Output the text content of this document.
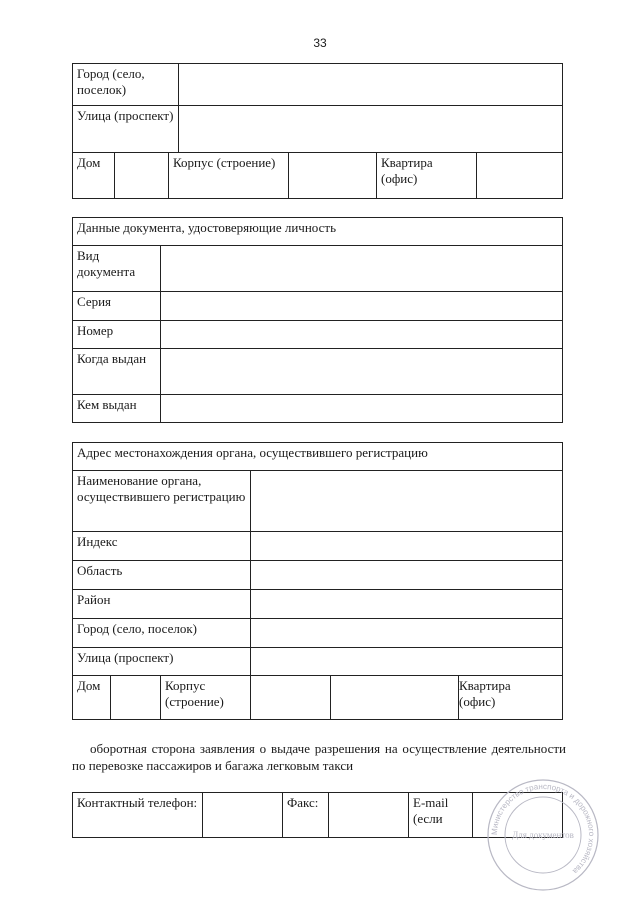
33
Город (село, поселок)						
Улица (проспект)						
Дом		Корпус (строение)			Квартира (офис)	
Данные документа, удостоверяющие личность	
Вид документа	
Серия	
Номер	
Когда выдан	
Кем выдан	
Адрес местонахождения органа, осуществившего регистрацию					
Наименование органа, осуществившего регистрацию					
Индекс					
Область					
Район					
Город (село, поселок)					
Улица (проспект)					
Дом		Корпус (строение)		Квартира (офис)	
оборотная сторона заявления о выдаче разрешения на осуществление деятельности по перевозке пассажиров и багажа легковым такси
Контактный телефон:		Факс:		E-mail (если	
Министерство транспорта и дорожного хозяйства
Для документов
